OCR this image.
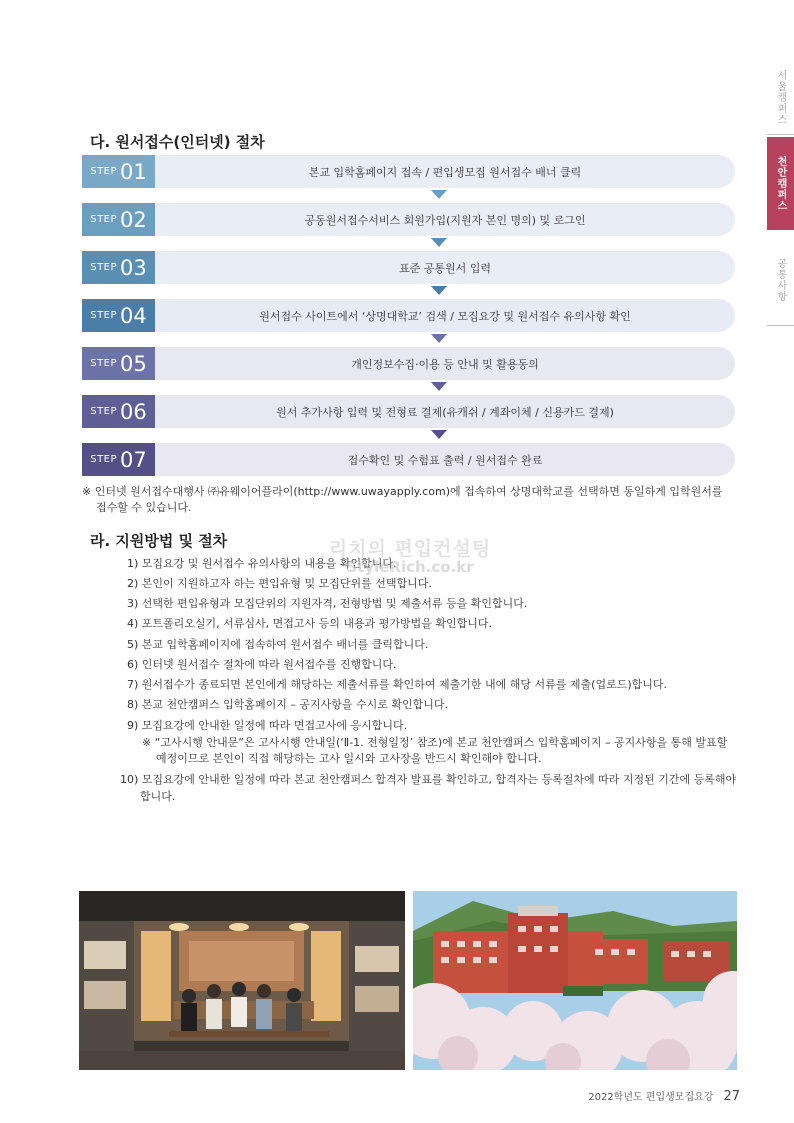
서울캠퍼스
천안캠퍼스
공통사항
다. 원서접수(인터넷) 절차
STEP 01	본교 입학홈페이지 접속 / 편입생모집 원서접수 배너 클릭
STEP 02	공동원서접수서비스 회원가입(지원자 본인 명의) 및 로그인
STEP 03	표준 공통원서 입력
STEP 04	원서접수 사이트에서 ‘상명대학교’ 검색 / 모집요강 및 원서접수 유의사항 확인
STEP 05	개인정보수집·이용 등 안내 및 활용동의
STEP 06	원서 추가사항 입력 및 전형료 결제(유캐쉬 / 계좌이체 / 신용카드 결제)
STEP 07	접수확인 및 수험표 출력 / 원서접수 완료
※ 인터넷 원서접수대행사 ㈜유웨이어플라이(http://www.uwayapply.com)에 접속하여 상명대학교를 선택하면 동일하게 입학원서를
접수할 수 있습니다.
라. 지원방법 및 절차
1) 모집요강 및 원서접수 유의사항의 내용을 확인합니다.
2) 본인이 지원하고자 하는 편입유형 및 모집단위를 선택합니다.
3) 선택한 편입유형과 모집단위의 지원자격, 전형방법 및 제출서류 등을 확인합니다.
4) 포트폴리오실기, 서류심사, 면접고사 등의 내용과 평가방법을 확인합니다.
5) 본교 입학홈페이지에 접속하여 원서접수 배너를 클릭합니다.
6) 인터넷 원서접수 절차에 따라 원서접수를 진행합니다.
7) 원서접수가 종료되면 본인에게 해당하는 제출서류를 확인하여 제출기한 내에 해당 서류를 제출(업로드)합니다.
8) 본교 천안캠퍼스 입학홈페이지 – 공지사항을 수시로 확인합니다.
9) 모집요강에 안내한 일정에 따라 면접고사에 응시합니다.
※ “고사시행 안내문”은 고사시행 안내일(‘Ⅱ-1. 전형일정’ 참조)에 본교 천안캠퍼스 입학홈페이지 – 공지사항을 통해 발표할
예정이므로 본인이 직접 해당하는 고사 일시와 고사장을 반드시 확인해야 합니다.
10) 모집요강에 안내한 일정에 따라 본교 천안캠퍼스 합격자 발표를 확인하고, 합격자는 등록절차에 따라 지정된 기간에 등록해야
합니다.
리치의 편입컨설팅
StyleRich.co.kr
2022학년도 편입생모집요강 27
